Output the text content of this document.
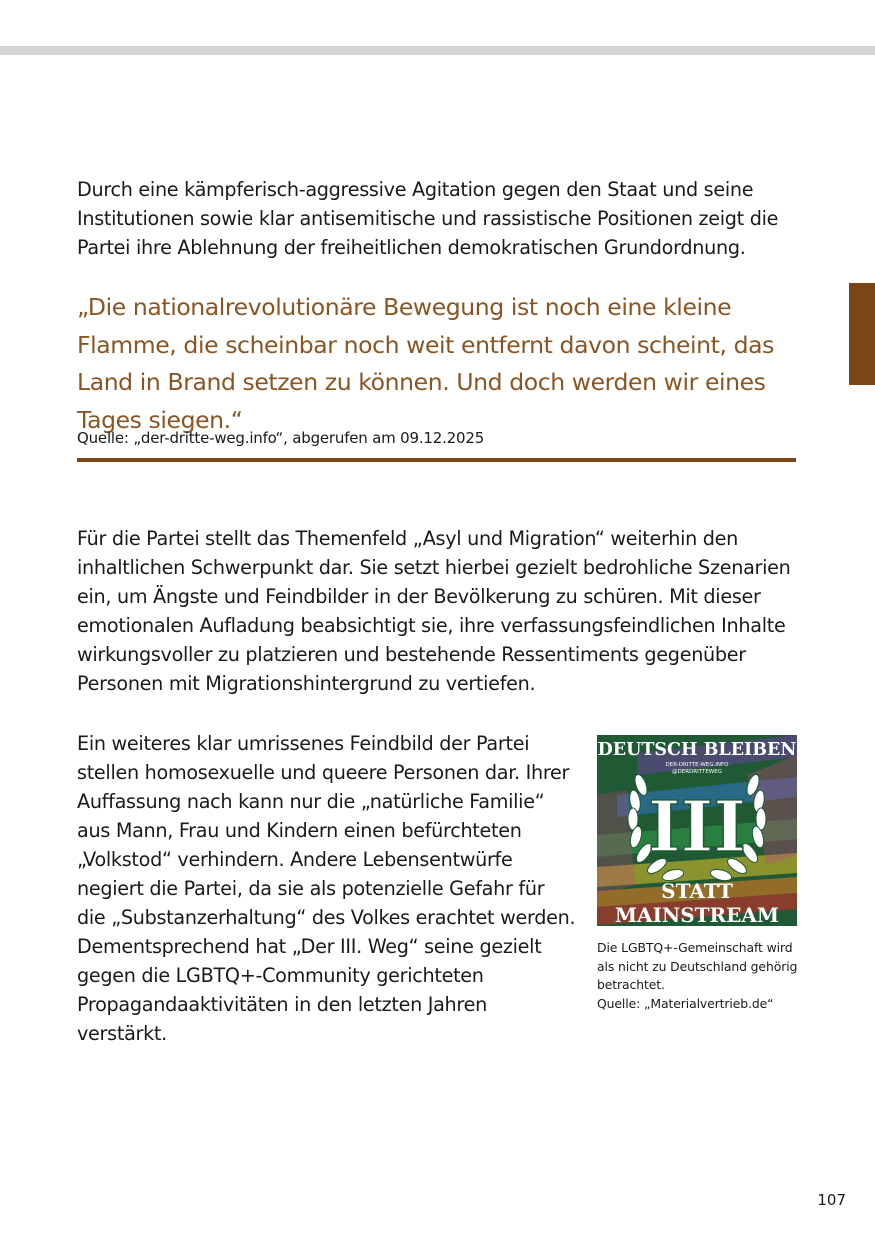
Durch eine kämpferisch-aggressive Agitation gegen den Staat und seine Institutionen sowie klar antisemitische und rassistische Positionen zeigt die Partei ihre Ablehnung der freiheitlichen demokratischen Grundordnung.

„Die nationalrevolutionäre Bewegung ist noch eine kleine Flamme, die scheinbar noch weit entfernt davon scheint, das Land in Brand setzen zu können. Und doch werden wir eines Tages siegen.“

Quelle: „der-dritte-weg.info“, abgerufen am 09.12.2025

Für die Partei stellt das Themenfeld „Asyl und Migration“ weiterhin den inhaltlichen Schwerpunkt dar. Sie setzt hierbei gezielt bedrohliche Szenarien ein, um Ängste und Feindbilder in der Bevölkerung zu schüren. Mit dieser emotionalen Aufladung beabsichtigt sie, ihre verfassungsfeindlichen Inhalte wirkungsvoller zu platzieren und bestehende Ressentiments gegenüber Personen mit Migrationshintergrund zu vertiefen.

Ein weiteres klar umrissenes Feindbild der Partei stellen homosexuelle und queere Personen dar. Ihrer Auffassung nach kann nur die „natürliche Familie“ aus Mann, Frau und Kindern einen befürchteten „Volkstod“ verhindern. Andere Lebensentwürfe negiert die Partei, da sie als potenzielle Gefahr für die „Substanzerhaltung“ des Volkes erachtet werden. Dementsprechend hat „Der III. Weg“ seine gezielt gegen die LGBTQ+-Community gerichteten Propagandaaktivitäten in den letzten Jahren verstärkt.

DEUTSCH BLEIBEN
DER-DRITTE-WEG.INFO
@DERDRITTEWEG
III
STATT
MAINSTREAM

Die LGBTQ+-Gemeinschaft wird
als nicht zu Deutschland gehörig
betrachtet.
Quelle: „Materialvertrieb.de“

107
